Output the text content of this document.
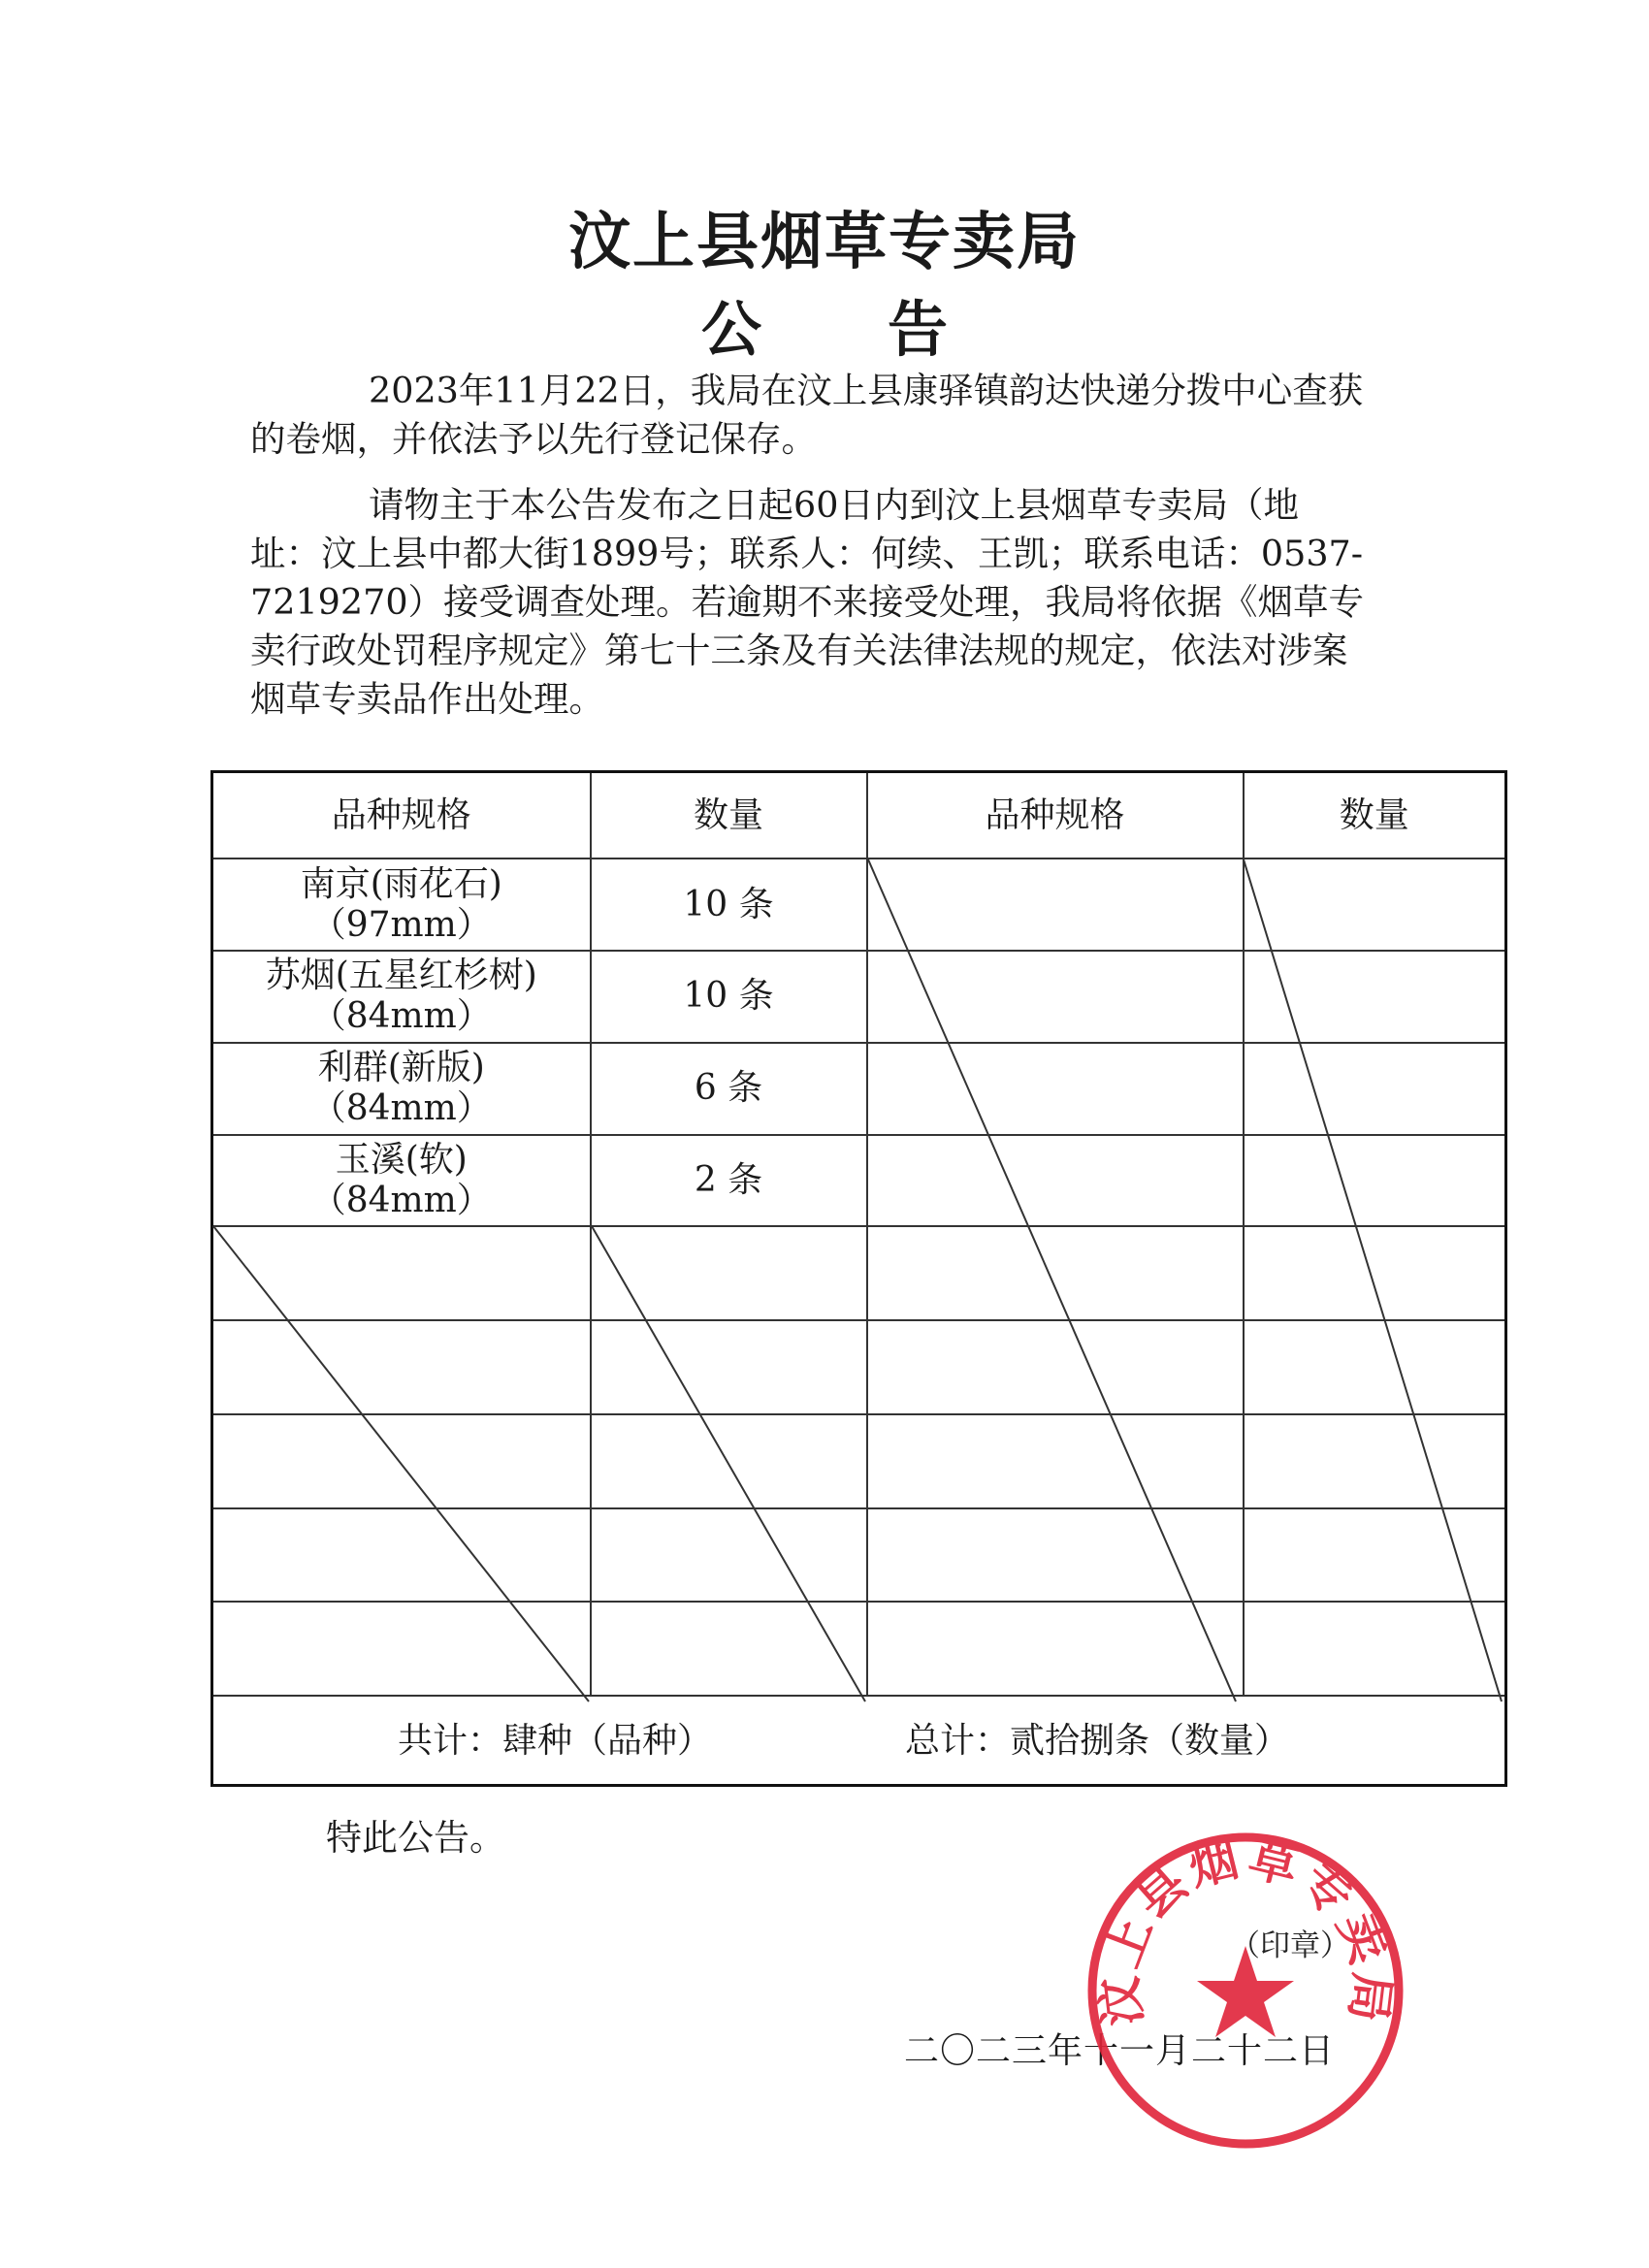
汶上县烟草专卖局
公告

2023年11月22日，我局在汶上县康驿镇韵达快递分拨中心查获的卷烟，并依法予以先行登记保存。

请物主于本公告发布之日起60日内到汶上县烟草专卖局（地址：汶上县中都大街1899号；联系人：何续、王凯；联系电话：0537-7219270）接受调查处理。若逾期不来接受处理，我局将依据《烟草专卖行政处罚程序规定》第七十三条及有关法律法规的规定，依法对涉案烟草专卖品作出处理。

品种规格	数量	品种规格	数量

南京(雨花石)
（97mm）	10 条		

苏烟(五星红杉树)
（84mm）	10 条		

利群(新版)
（84mm）	6 条		

玉溪(软)
（84mm）	2 条		

共计：肆种（品种） 总计：贰拾捌条（数量）			

特此公告。

（印章）

二〇二三年十一月二十二日

汶上县烟草专卖局
